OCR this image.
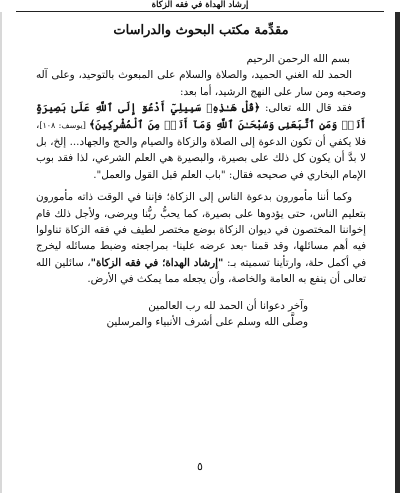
إرشاد الهداة في فقه الزكاة
مقدِّمة مكتب البحوث والدراسات

بسم الله الرحمن الرحيم

الحمد لله الغني الحميد، والصلاة والسلام على المبعوث بالتوحيد، وعلى آله وصحبه ومن سار على النهج الرشيد، أما بعد:

فقد قال الله تعالى: ﴿قُلْ هَـٰذِهِۦ سَبِيلِيٓ أَدْعُوٓ إِلَى ٱللَّهِ عَلَىٰ بَصِيرَةٍ أَنَا۠ وَمَنِ ٱتَّبَعَنِى وَسُبْحَـٰنَ ٱللَّهِ وَمَآ أَنَا۠ مِنَ ٱلْمُشْرِكِينَ﴾ [يوسف: ١٠٨]، فلا يكفي أن تكون الدعوة إلى الصلاة والزكاة والصيام والحج والجهاد... إلخ، بل لا بدَّ أن يكون كل ذلك على بصيرة، والبصيرة هي العلم الشرعي، لذا فقد بوب الإمام البخاري في صحيحه فقال: "باب العلم قبل القول والعمل".

وكما أننا مأمورون بدعوة الناس إلى الزكاة؛ فإننا في الوقت ذاته مأمورون بتعليم الناس، حتى يؤدوها على بصيرة، كما يحبُّ ربُّنا ويرضى، ولأجل ذلك قام إخواننا المختصون في ديوان الزكاة بوضع مختصر لطيف في فقه الزكاة تناولوا فيه أهم مسائلها، وقد قمنا -بعد عرضه علينا- بمراجعته وضبط مسائله ليخرج في أكمل حلة، وارتأينا تسميته بـ: "إرشاد الهداة؛ في فقه الزكاة"، سائلين الله تعالى أن ينفع به العامة والخاصة، وأن يجعله مما يمكث في الأرض.

وآخر دعوانا أن الحمد لله رب العالمين
وصلَّى الله وسلم على أشرف الأنبياء والمرسلين
٥
